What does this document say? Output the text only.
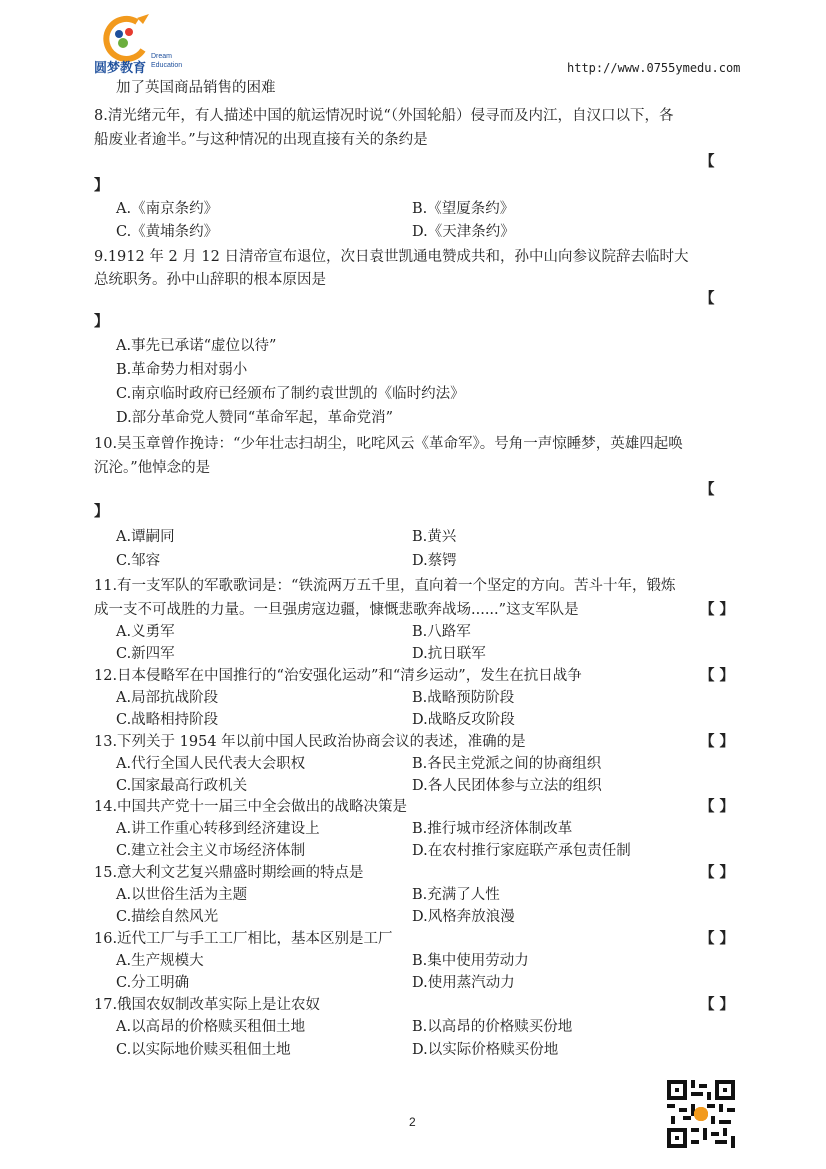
圆梦教育
Dream
Education	http://www.0755ymedu.com
加了英国商品销售的困难
8.清光绪元年，有人描述中国的航运情况时说“（外国轮船）侵寻而及内江，自汉口以下，各
船废业者逾半。”与这种情况的出现直接有关的条约是
【
】
A.《南京条约》	B.《望厦条约》
C.《黄埔条约》	D.《天津条约》
9.1912 年 2 月 12 日清帝宣布退位，次日袁世凯通电赞成共和，孙中山向参议院辞去临时大
总统职务。孙中山辞职的根本原因是
【
】
A.事先已承诺“虚位以待”
B.革命势力相对弱小
C.南京临时政府已经颁布了制约袁世凯的《临时约法》
D.部分革命党人赞同“革命军起，革命党消”
10.吴玉章曾作挽诗：“少年壮志扫胡尘，叱咤风云《革命军》。号角一声惊睡梦，英雄四起唤
沉沦。”他悼念的是
【
】
A.谭嗣同	B.黄兴
C.邹容	D.蔡锷
11.有一支军队的军歌歌词是：“铁流两万五千里，直向着一个坚定的方向。苦斗十年，锻炼
成一支不可战胜的力量。一旦强虏寇边疆，慷慨悲歌奔战场......”这支军队是	【 】
A.义勇军	B.八路军
C.新四军	D.抗日联军
12.日本侵略军在中国推行的“治安强化运动”和“清乡运动”，发生在抗日战争	【 】
A.局部抗战阶段	B.战略预防阶段
C.战略相持阶段	D.战略反攻阶段
13.下列关于 1954 年以前中国人民政治协商会议的表述，准确的是	【 】
A.代行全国人民代表大会职权	B.各民主党派之间的协商组织
C.国家最高行政机关	D.各人民团体参与立法的组织
14.中国共产党十一届三中全会做出的战略决策是	【 】
A.讲工作重心转移到经济建设上	B.推行城市经济体制改革
C.建立社会主义市场经济体制	D.在农村推行家庭联产承包责任制
15.意大利文艺复兴鼎盛时期绘画的特点是	【 】
A.以世俗生活为主题	B.充满了人性
C.描绘自然风光	D.风格奔放浪漫
16.近代工厂与手工工厂相比，基本区别是工厂	【 】
A.生产规模大	B.集中使用劳动力
C.分工明确	D.使用蒸汽动力
17.俄国农奴制改革实际上是让农奴	【 】
A.以高昂的价格赎买租佃土地	B.以高昂的价格赎买份地
C.以实际地价赎买租佃土地	D.以实际价格赎买份地
2
